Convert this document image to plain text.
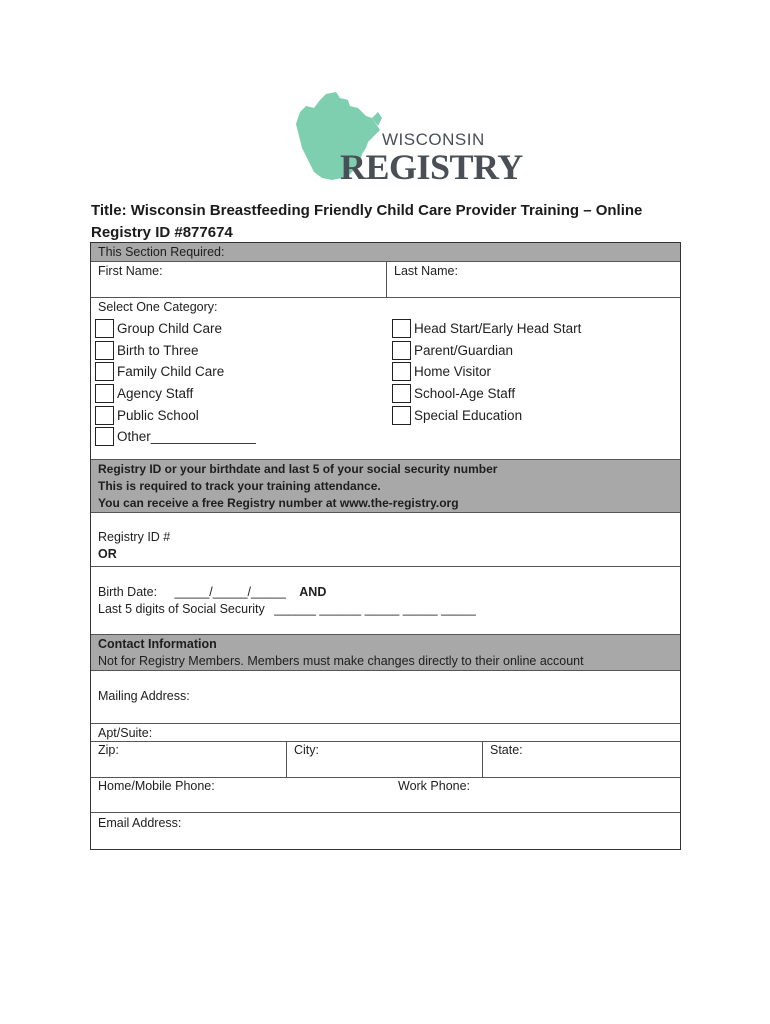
WISCONSIN
REGISTRY
Title: Wisconsin Breastfeeding Friendly Child Care Provider Training – Online
Registry ID #877674
This Section Required:
First Name:	Last Name:
Select One Category:
Group Child Care
Birth to Three
Family Child Care
Agency Staff
Public School
Other______________
Head Start/Early Head Start
Parent/Guardian
Home Visitor
School-Age Staff
Special Education
Registry ID or your birthdate and last 5 of your social security number
This is required to track your training attendance.
You can receive a free Registry number at www.the-registry.org
Registry ID #
OR
Birth Date: _____/_____/_____ AND
Last 5 digits of Social Security ______ ______ _____ _____ _____
Contact Information
Not for Registry Members. Members must make changes directly to their online account
Mailing Address:
Apt/Suite:
Zip:	City:	State:
Home/Mobile Phone:	Work Phone:
Email Address:
